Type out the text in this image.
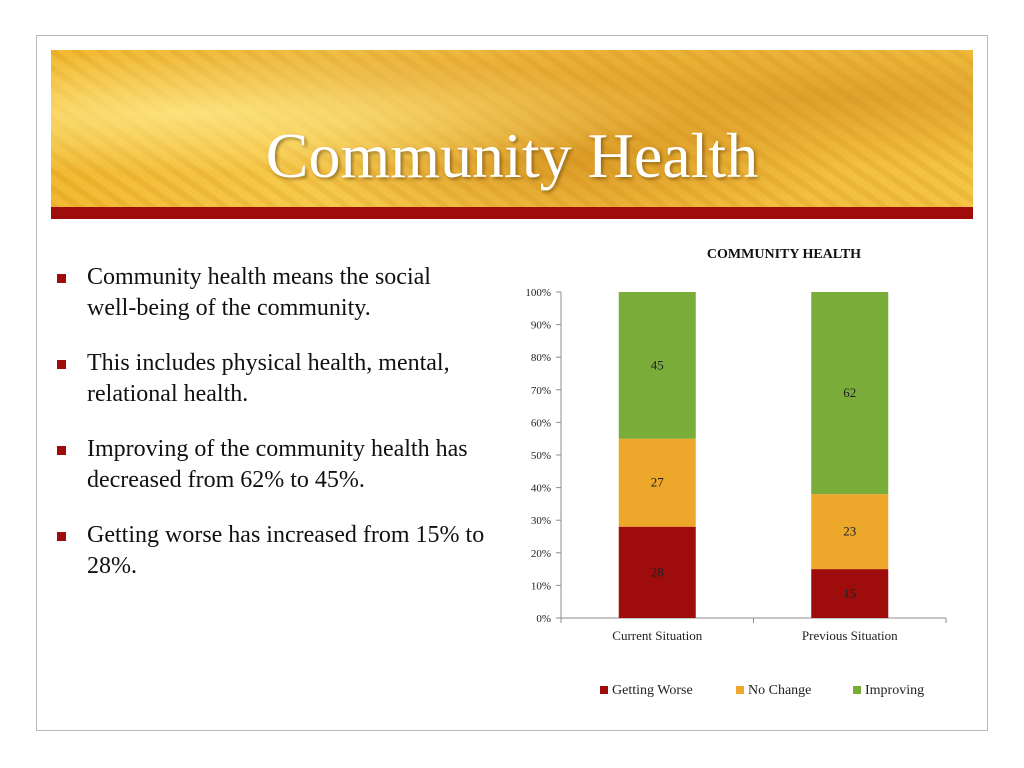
Community Health
Community health means the social well-being of the community.
This includes physical health, mental, relational health.
Improving of the community health has decreased from 62% to 45%.
Getting worse has increased from 15% to 28%.
COMMUNITY HEALTH
0%
10%
20%
30%
40%
50%
60%
70%
80%
90%
100%
28
27
45
Current Situation
15
23
62
Previous Situation
Getting Worse	No Change	Improving
